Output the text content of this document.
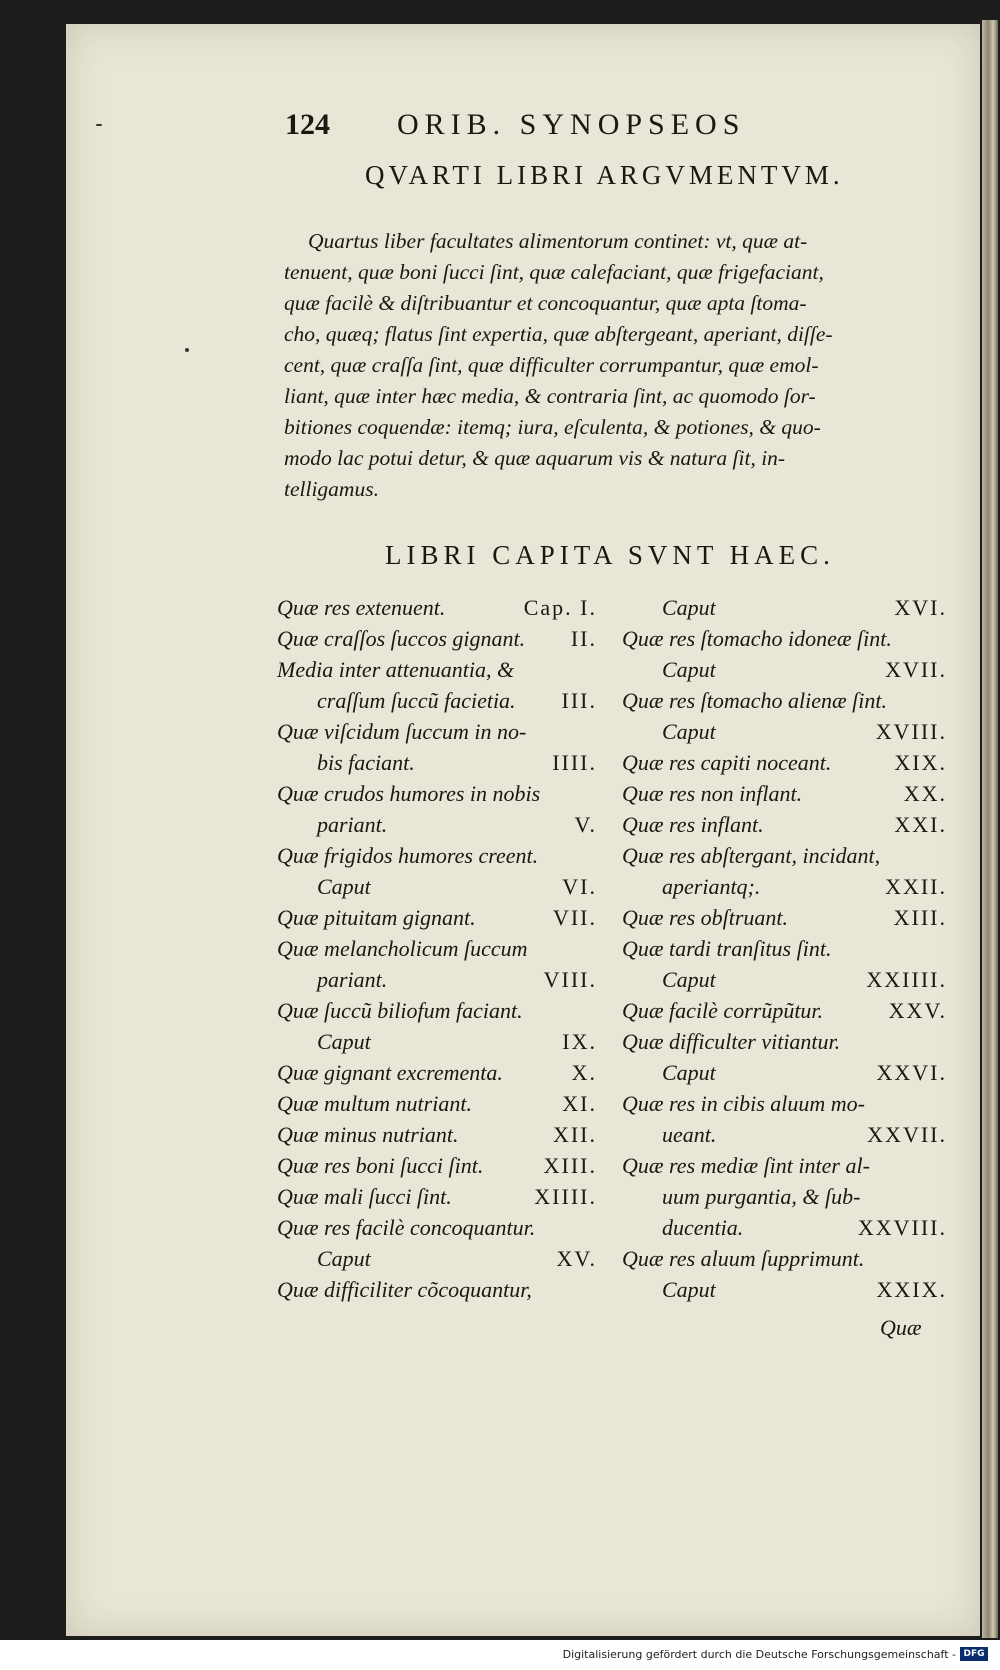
124	ORIB. SYNOPSEOS
QVARTI LIBRI ARGVMENTVM.
Quartus liber facultates alimentorum continet: vt, quæ at-
tenuent, quæ boni ſucci ſint, quæ calefaciant, quæ frigefaciant,
quæ facilè & diſtribuantur et concoquantur, quæ apta ſtoma-
cho, quæq; flatus ſint expertia, quæ abſtergeant, aperiant, diſſe-
cent, quæ craſſa ſint, quæ difficulter corrumpantur, quæ emol-
liant, quæ inter hæc media, & contraria ſint, ac quomodo ſor-
bitiones coquendæ: itemq; iura, eſculenta, & potiones, & quo-
modo lac potui detur, & quæ aquarum vis & natura ſit, in-
telligamus.
LIBRI CAPITA SVNT HAEC.
Quæ res extenuent.	Cap. I.
Quæ craſſos ſuccos gignant. II.
Media inter attenuantia, &
craſſum ſuccũ facietia. III.
Quæ viſcidum ſuccum in no-
bis faciant.	IIII.
Quæ crudos humores in nobis
pariant.	V.
Quæ frigidos humores creent.
Caput	VI.
Quæ pituitam gignant.	VII.
Quæ melancholicum ſuccum
pariant.	VIII.
Quæ ſuccũ biliofum faciant.
Caput	IX.
Quæ gignant excrementa.	X.
Quæ multum nutriant.	XI.
Quæ minus nutriant.	XII.
Quæ res boni ſucci ſint.	XIII.
Quæ mali ſucci ſint.	XIIII.
Quæ res facilè concoquantur.
Caput	XV.
Quæ difficiliter cõcoquantur,
Caput	XVI.
Quæ res ſtomacho idoneæ ſint.
Caput	XVII.
Quæ res ſtomacho alienæ ſint.
Caput	XVIII.
Quæ res capiti noceant.	XIX.
Quæ res non inflant.	XX.
Quæ res inflant.	XXI.
Quæ res abſtergant, incidant,
aperiantq;.	XXII.
Quæ res obſtruant.	XIII.
Quæ tardi tranſitus ſint.
Caput	XXIIII.
Quæ facilè corrũpũtur.	XXV.
Quæ difficulter vitiantur.
Caput	XXVI.
Quæ res in cibis aluum mo-
ueant.	XXVII.
Quæ res mediæ ſint inter al-
uum purgantia, & ſub-
ducentia.	XXVIII.
Quæ res aluum ſupprimunt.
Caput	XXIX.
Quæ
Digitalisierung gefördert durch die Deutsche Forschungsgemeinschaft - DFG
